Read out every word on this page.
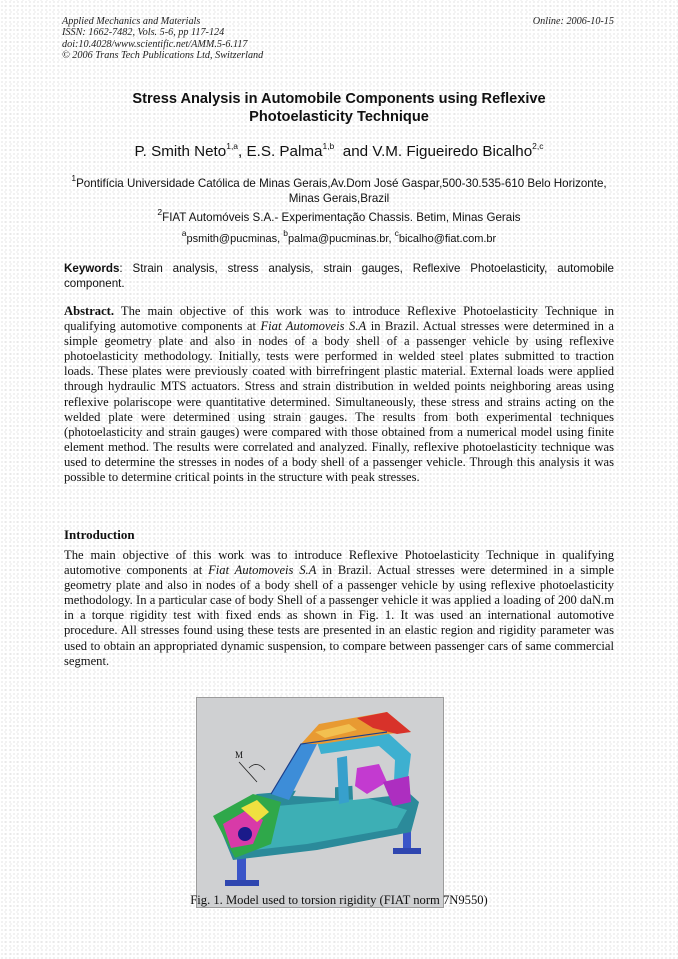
Applied Mechanics and Materials
ISSN: 1662-7482, Vols. 5-6, pp 117-124
doi:10.4028/www.scientific.net/AMM.5-6.117
© 2006 Trans Tech Publications Ltd, Switzerland
Online: 2006-10-15
Stress Analysis in Automobile Components using Reflexive
Photoelasticity Technique
P. Smith Neto$^{1,a}$, E.S. Palma$^{1,b}$ and V.M. Figueiredo Bicalho$^{2,c}$
$^1$Pontifícia Universidade Católica de Minas Gerais,Av.Dom José Gaspar,500-30.535-610 Belo Horizonte, Minas Gerais,Brazil
$^2$FIAT Automóveis S.A.- Experimentação Chassis. Betim, Minas Gerais
$^a$psmith@pucminas, $^b$palma@pucminas.br, $^c$bicalho@fiat.com.br
Keywords: Strain analysis, stress analysis, strain gauges, Reflexive Photoelasticity, automobile component.
Abstract. The main objective of this work was to introduce Reflexive Photoelasticity Technique in qualifying automotive components at Fiat Automoveis S.A in Brazil. Actual stresses were determined in a simple geometry plate and also in nodes of a body shell of a passenger vehicle by using reflexive photoelasticity methodology. Initially, tests were performed in welded steel plates submitted to traction loads. These plates were previously coated with birrefringent plastic material. External loads were applied through hydraulic MTS actuators. Stress and strain distribution in welded points neighboring areas using reflexive polariscope were quantitative determined. Simultaneously, these stress and strains acting on the welded plate were determined using strain gauges. The results from both experimental techniques (photoelasticity and strain gauges) were compared with those obtained from a numerical model using finite element method. The results were correlated and analyzed. Finally, reflexive photoelasticity technique was used to determine the stresses in nodes of a body shell of a passenger vehicle. Through this analysis it was possible to determine critical points in the structure with peak stresses.
Introduction
The main objective of this work was to introduce Reflexive Photoelasticity Technique in qualifying automotive components at Fiat Automoveis S.A in Brazil. Actual stresses were determined in a simple geometry plate and also in nodes of a body shell of a passenger vehicle by using reflexive photoelasticity methodology. In a particular case of body Shell of a passenger vehicle it was applied a loading of 200 daN.m in a torque rigidity test with fixed ends as shown in Fig. 1. It was used an international automotive procedure. All stresses found using these tests are presented in an elastic region and rigidity parameter was used to obtain an appropriated dynamic suspension, to compare between passenger cars of same commercial segment.
M
Fig. 1. Model used to torsion rigidity (FIAT norm 7N9550)
